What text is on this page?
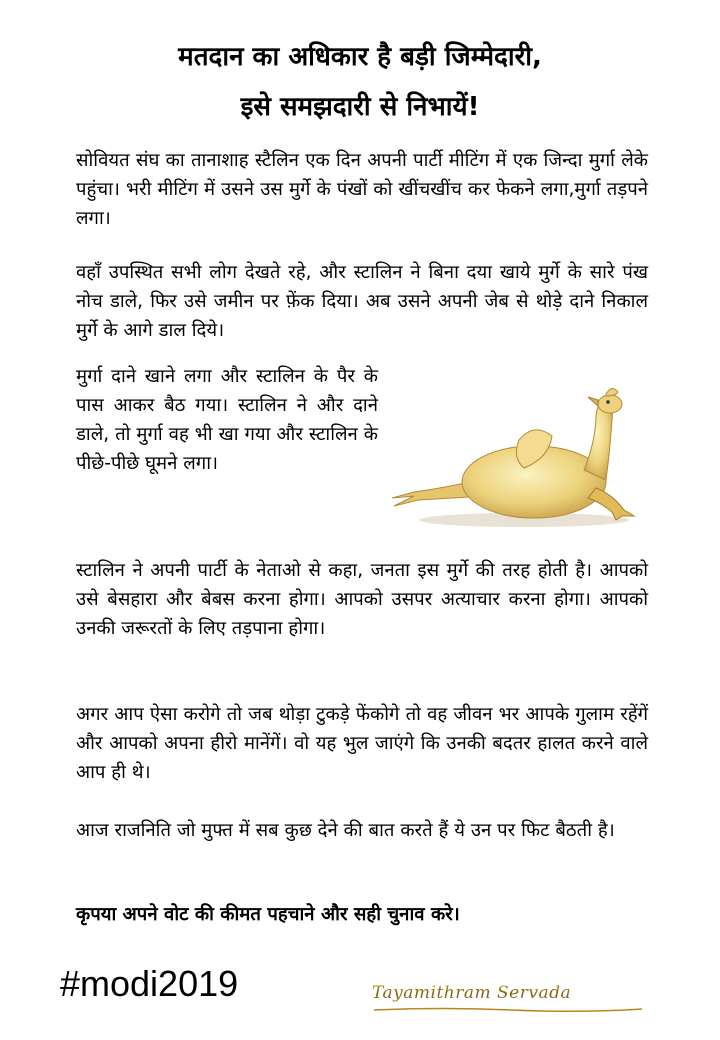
मतदान का अधिकार है बड़ी जिम्मेदारी,
इसे समझदारी से निभायें!

सोवियत संघ का तानाशाह स्टैलिन एक दिन अपनी पार्टी मीटिंग में एक जिन्दा मुर्गा लेके पहुंचा। भरी मीटिंग में उसने उस मुर्गे के पंखों को खींचखींच कर फेकने लगा,मुर्गा तड़पने लगा।

वहाँ उपस्थित सभी लोग देखते रहे, और स्टालिन ने बिना दया खाये मुर्गे के सारे पंख नोच डाले, फिर उसे जमीन पर फ़ेंक दिया। अब उसने अपनी जेब से थोड़े दाने निकाल मुर्गे के आगे डाल दिये।

मुर्गा दाने खाने लगा और स्टालिन के पैर के पास आकर बैठ गया। स्टालिन ने और दाने डाले, तो मुर्गा वह भी खा गया और स्टालिन के पीछे-पीछे घूमने लगा।

स्टालिन ने अपनी पार्टी के नेताओ से कहा, जनता इस मुर्गे की तरह होती है। आपको उसे बेसहारा और बेबस करना होगा। आपको उसपर अत्याचार करना होगा। आपको उनकी जरूरतों के लिए तड़पाना होगा।

अगर आप ऐसा करोगे तो जब थोड़ा टुकड़े फेंकोगे तो वह जीवन भर आपके गुलाम रहेंगें और आपको अपना हीरो मानेंगें। वो यह भुल जाएंगे कि उनकी बदतर हालत करने वाले आप ही थे।

आज राजनिति जो मुफ्त में सब कुछ देने की बात करते हैं ये उन पर फिट बैठती है।

कृपया अपने वोट की कीमत पहचाने और सही चुनाव करे।

#modi2019	Tayamithram Servada
